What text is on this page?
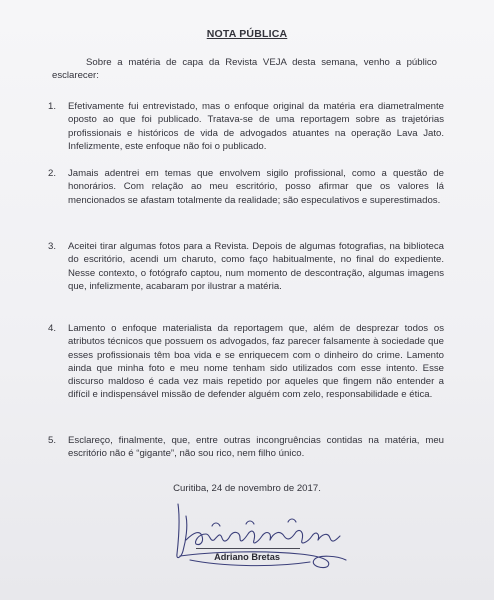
NOTA PÚBLICA
Sobre a matéria de capa da Revista VEJA desta semana, venho a público esclarecer:
1.	Efetivamente fui entrevistado, mas o enfoque original da matéria era diametralmente oposto ao que foi publicado. Tratava-se de uma reportagem sobre as trajetórias profissionais e históricos de vida de advogados atuantes na operação Lava Jato. Infelizmente, este enfoque não foi o publicado.
2.	Jamais adentrei em temas que envolvem sigilo profissional, como a questão de honorários. Com relação ao meu escritório, posso afirmar que os valores lá mencionados se afastam totalmente da realidade; são especulativos e superestimados.
3.	Aceitei tirar algumas fotos para a Revista. Depois de algumas fotografias, na biblioteca do escritório, acendi um charuto, como faço habitualmente, no final do expediente. Nesse contexto, o fotógrafo captou, num momento de descontração, algumas imagens que, infelizmente, acabaram por ilustrar a matéria.
4.	Lamento o enfoque materialista da reportagem que, além de desprezar todos os atributos técnicos que possuem os advogados, faz parecer falsamente à sociedade que esses profissionais têm boa vida e se enriquecem com o dinheiro do crime. Lamento ainda que minha foto e meu nome tenham sido utilizados com esse intento. Esse discurso maldoso é cada vez mais repetido por aqueles que fingem não entender a difícil e indispensável missão de defender alguém com zelo, responsabilidade e ética.
5.	Esclareço, finalmente, que, entre outras incongruências contidas na matéria, meu escritório não é “gigante”, não sou rico, nem filho único.
Curitiba, 24 de novembro de 2017.
Adriano Bretas
